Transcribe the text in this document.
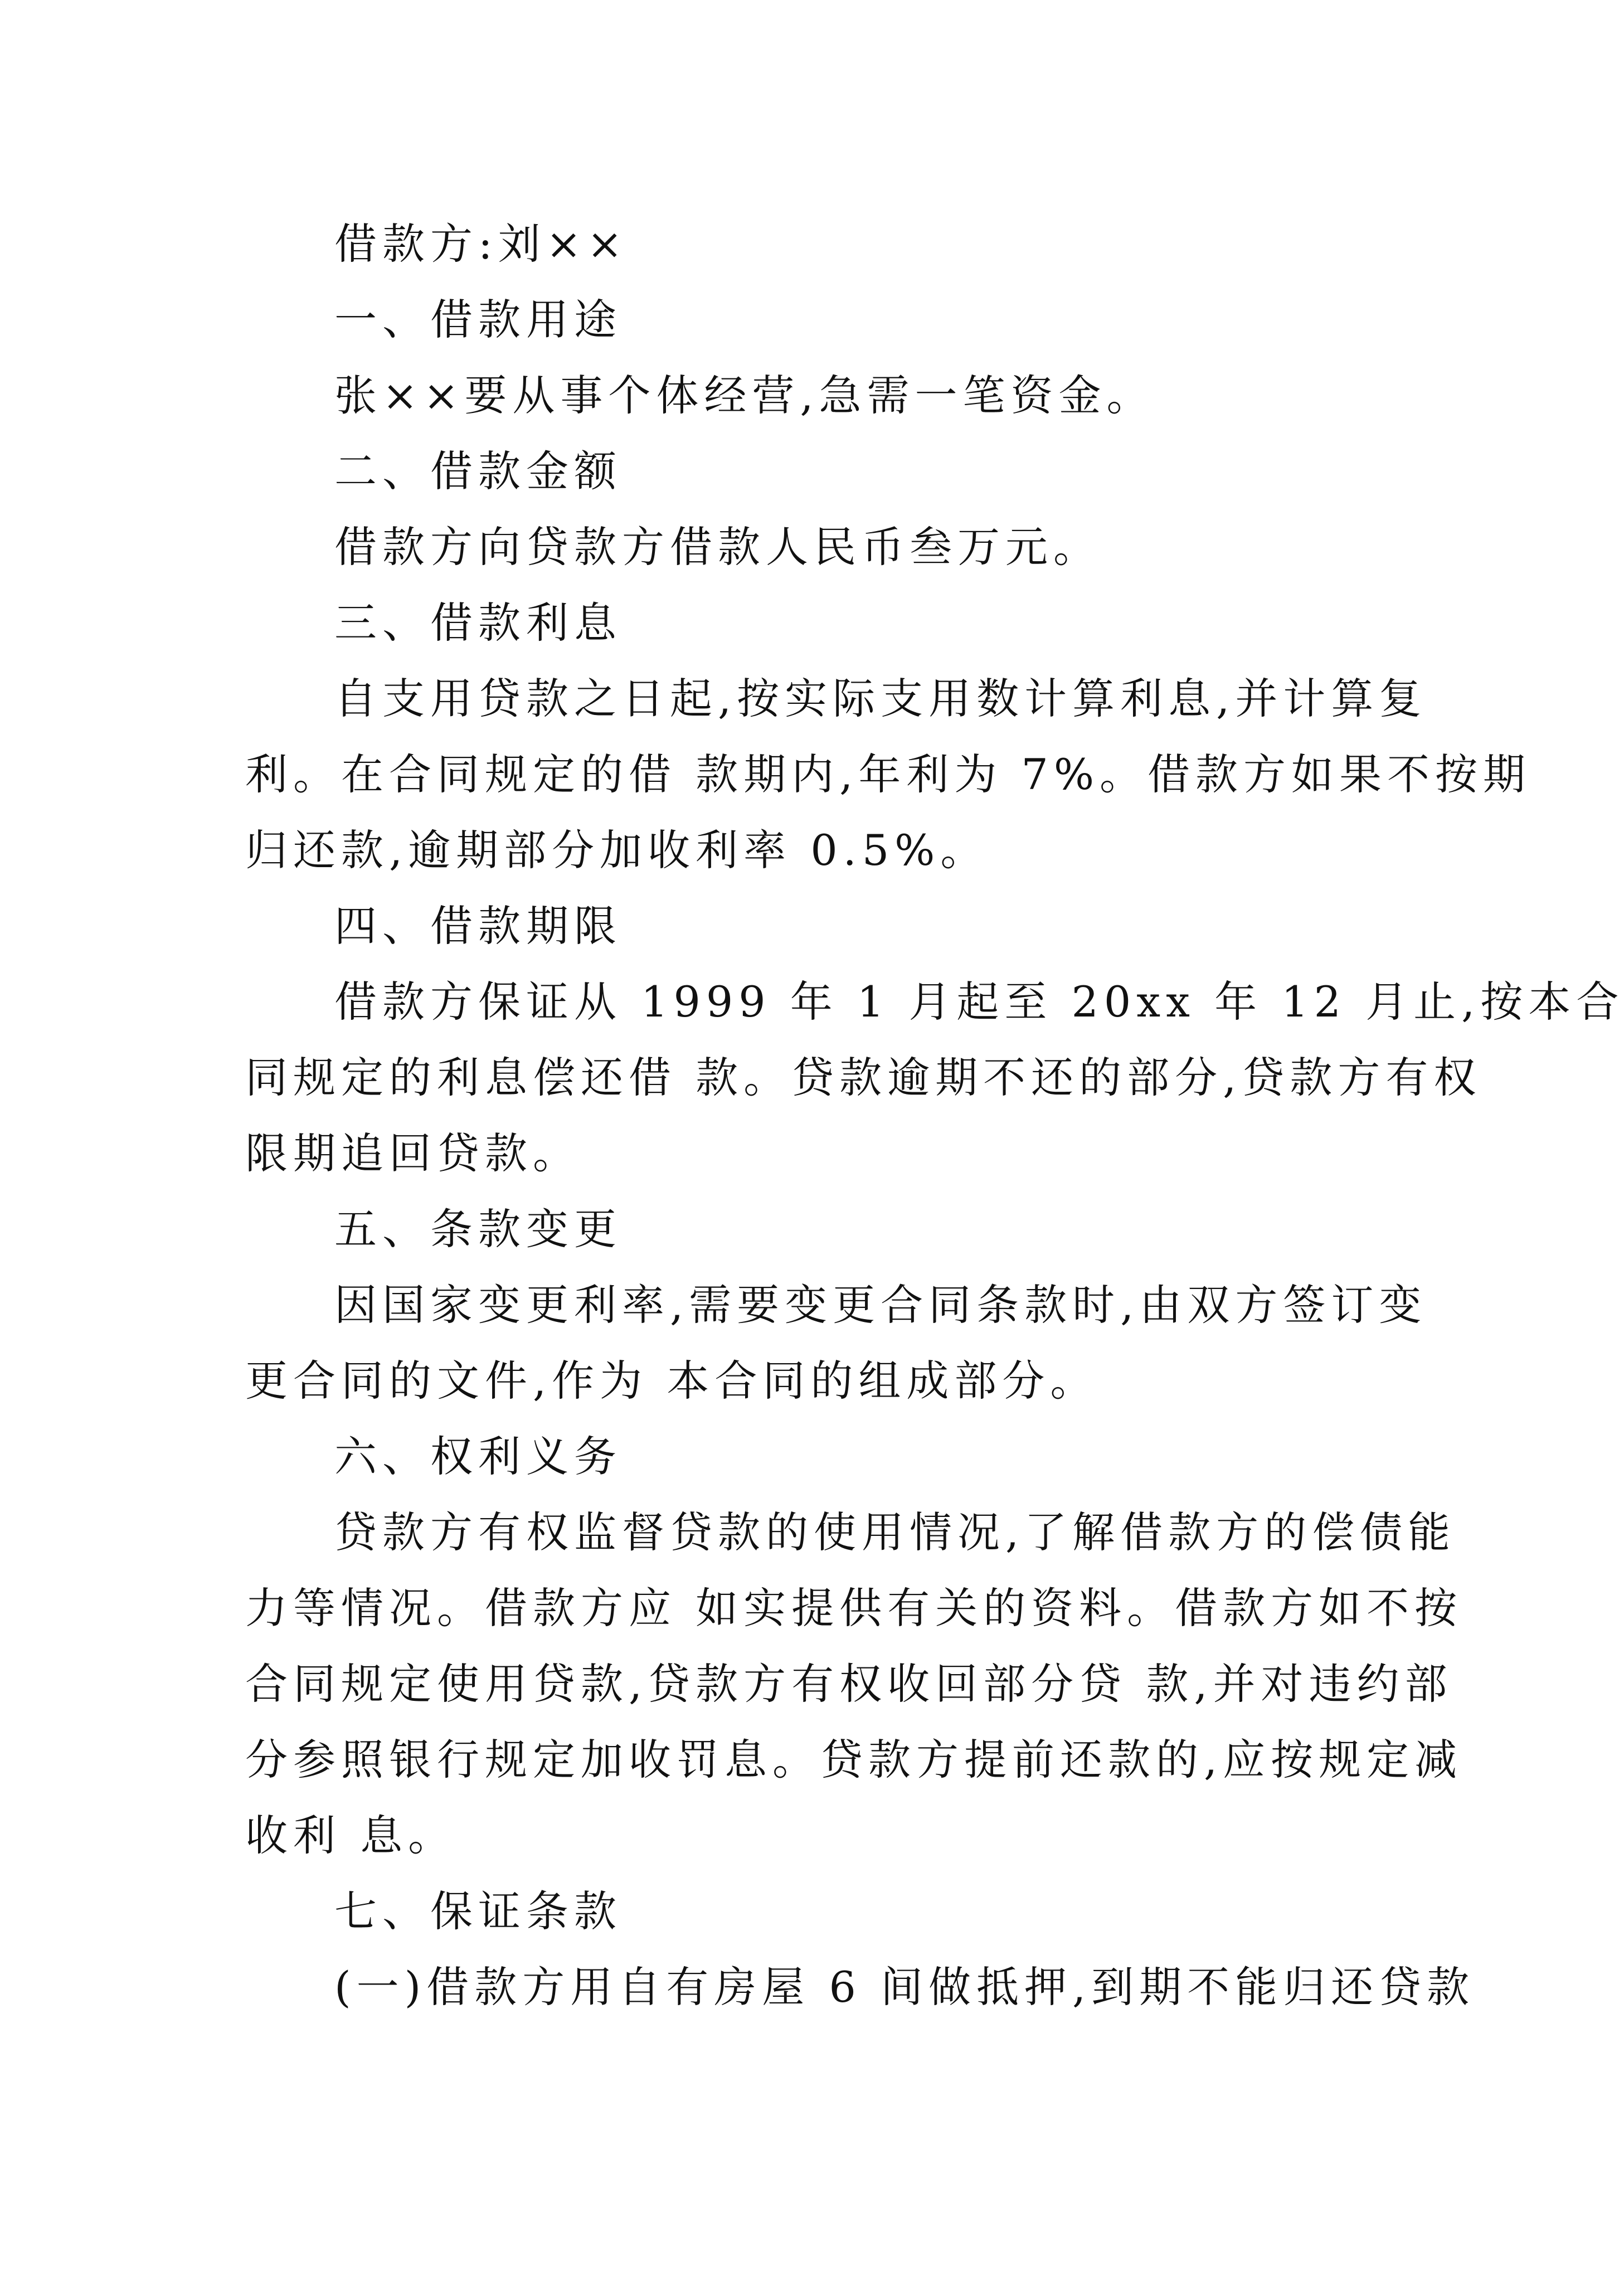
借款方:刘××
一、借款用途
张××要从事个体经营,急需一笔资金。
二、借款金额
借款方向贷款方借款人民币叁万元。
三、借款利息
自支用贷款之日起,按实际支用数计算利息,并计算复
利。在合同规定的借 款期内,年利为 7%。借款方如果不按期
归还款,逾期部分加收利率 0.5%。
四、借款期限
借款方保证从 1999 年 1 月起至 20xx 年 12 月止,按本合
同规定的利息偿还借 款。贷款逾期不还的部分,贷款方有权
限期追回贷款。
五、条款变更
因国家变更利率,需要变更合同条款时,由双方签订变
更合同的文件,作为 本合同的组成部分。
六、权利义务
贷款方有权监督贷款的使用情况,了解借款方的偿债能
力等情况。借款方应 如实提供有关的资料。借款方如不按
合同规定使用贷款,贷款方有权收回部分贷 款,并对违约部
分参照银行规定加收罚息。贷款方提前还款的,应按规定减
收利 息。
七、保证条款
(一)借款方用自有房屋 6 间做抵押,到期不能归还贷款
